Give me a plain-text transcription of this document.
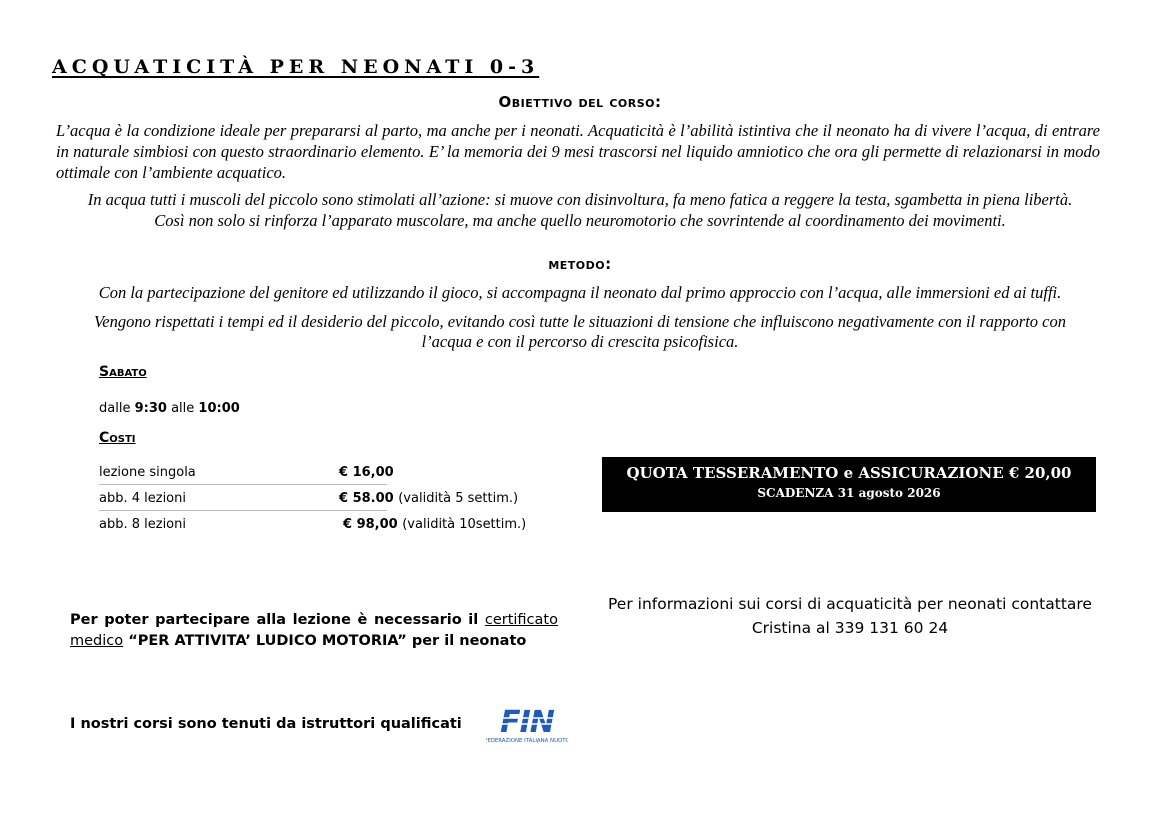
ACQUATICITÀ PER NEONATI 0-3
Obiettivo del corso:
L’acqua è la condizione ideale per prepararsi al parto, ma anche per i neonati. Acquaticità è l’abilità istintiva che il neonato ha di vivere l’acqua, di entrare in naturale simbiosi con questo straordinario elemento. E’ la memoria dei 9 mesi trascorsi nel liquido amniotico che ora gli permette di relazionarsi in modo ottimale con l’ambiente acquatico.
In acqua tutti i muscoli del piccolo sono stimolati all’azione: si muove con disinvoltura, fa meno fatica a reggere la testa, sgambetta in piena libertà.
Così non solo si rinforza l’apparato muscolare, ma anche quello neuromotorio che sovrintende al coordinamento dei movimenti.
metodo:
Con la partecipazione del genitore ed utilizzando il gioco, si accompagna il neonato dal primo approccio con l’acqua, alle immersioni ed ai tuffi.
Vengono rispettati i tempi ed il desiderio del piccolo, evitando così tutte le situazioni di tensione che influiscono negativamente con il rapporto con
l’acqua e con il percorso di crescita psicofisica.
Sabato
dalle 9:30 alle 10:00
Costi
lezione singola	€ 16,00
abb. 4 lezioni	€ 58.00 (validità 5 settim.)
abb. 8 lezioni	€ 98,00 (validità 10settim.)
QUOTA TESSERAMENTO e ASSICURAZIONE € 20,00
SCADENZA 31 agosto 2026
Per poter partecipare alla lezione è necessario il certificato
medico “PER ATTIVITA’ LUDICO MOTORIA” per il neonato
Per informazioni sui corsi di acquaticità per neonati contattare
Cristina al 339 131 60 24
I nostri corsi sono tenuti da istruttori qualificati FIN
FEDERAZIONE ITALIANA NUOTO
